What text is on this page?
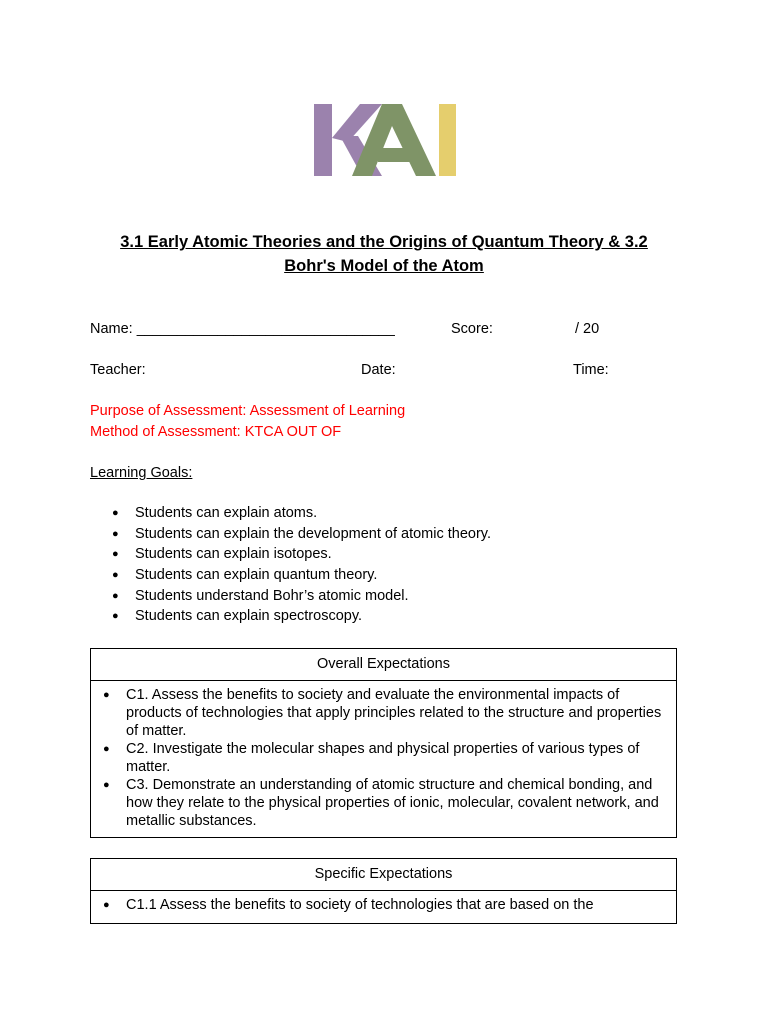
3.1 Early Atomic Theories and the Origins of Quantum Theory & 3.2
Bohr's Model of the Atom
Name: ________________________________	Score:	/ 20
Teacher:	Date:	Time:
Purpose of Assessment: Assessment of Learning
Method of Assessment: KTCA OUT OF
Learning Goals:
● Students can explain atoms.
● Students can explain the development of atomic theory.
● Students can explain isotopes.
● Students can explain quantum theory.
● Students understand Bohr’s atomic model.
● Students can explain spectroscopy.
Overall Expectations
● C1. Assess the benefits to society and evaluate the environmental impacts of products of technologies that apply principles related to the structure and properties of matter.
● C2. Investigate the molecular shapes and physical properties of various types of matter.
● C3. Demonstrate an understanding of atomic structure and chemical bonding, and how they relate to the physical properties of ionic, molecular, covalent network, and metallic substances.
Specific Expectations
● C1.1 Assess the benefits to society of technologies that are based on the
